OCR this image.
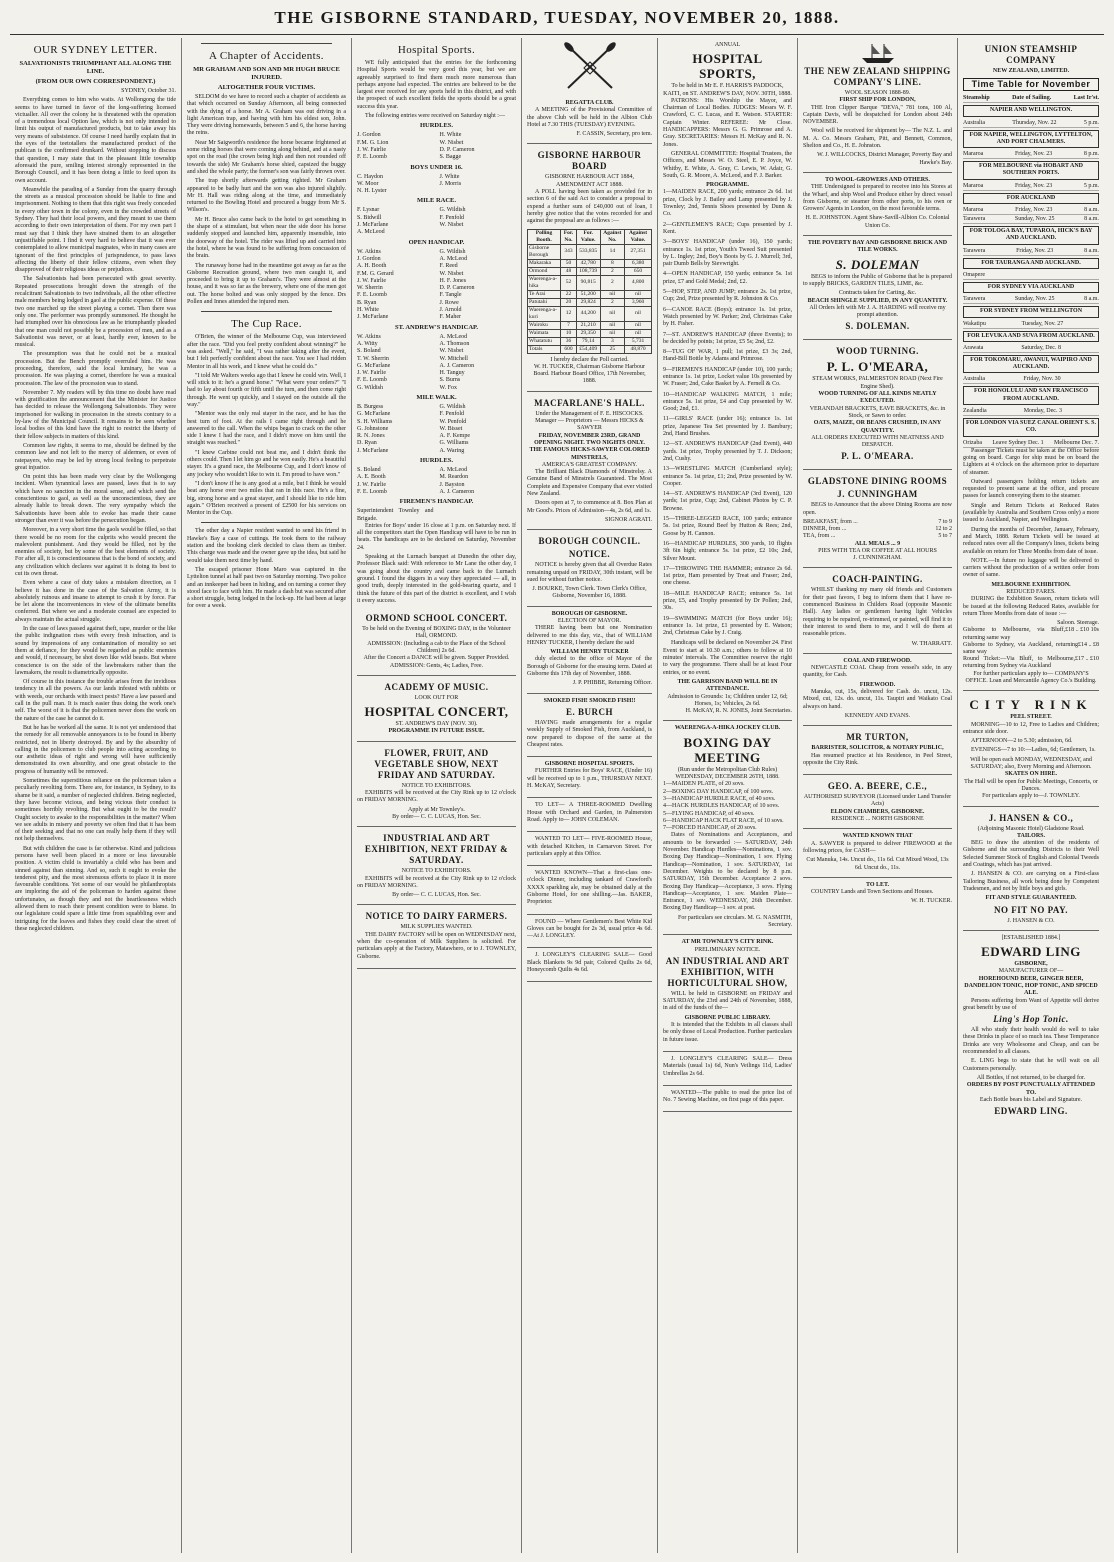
THE GISBORNE STANDARD, TUESDAY, NOVEMBER 20, 1888.
OUR SYDNEY LETTER.
SALVATIONISTS TRIUMPHANT ALL ALONG THE LINE.
(FROM OUR OWN CORRESPONDENT.)
SYDNEY, October 31.
Everything comes to him who waits. At Wollongong the tide seems to have turned in favor of the long-suffering licensed victualler. All over the colony he is threatened with the operation of a tremendous local Option law, which is not only intended to limit his output of manufactured products, but to take away his very means of subsistence. Of course I need hardly explain that in the eyes of the teetotallers the manufactured product of the publican is the confirmed drunkard. Without stopping to discuss that question, I may state that in the pleasant little township aforesaid the pure, smiling interest strongly represented in the Borough Council, and it has been doing a little to feed upon its own account.
Meanwhile the parading of a Sunday from the quarry through the streets as a musical procession should be liable to fine and imprisonment. Nothing to them that this right was freely conceded in every other town in the colony, even in the crowded streets of Sydney. They had their local powers, and they meant to use them according to their own interpretation of them. For my own part I must say that I think they have strained them to an altogether unjustifiable point. I find it very hard to believe that it was ever contemplated to allow municipal magnates, who in many cases are ignorant of the first principles of jurisprudence, to pass laws affecting the liberty of their fellow citizens, even when they disapproved of their religious ideas or prejudices.
The Salvationists had been persecuted with great severity. Repeated prosecutions brought down the strength of the recalcitrant Salvationists to two individuals, all the other effective male members being lodged in gaol at the public expense. Of these two one marched up the street playing a cornet. Then there was only one. The performer was promptly summoned. He thought he had triumphed over his obnoxious law as he triumphantly pleaded that one man could not possibly be a procession of men, and as a Salvationist was never, or at least, hardly ever, known to be musical.
The presumption was that he could not be a musical procession. But the Bench promptly overruled him. He was proceeding, therefore, said the local luminary, he was a procession. He was playing a cornet, therefore he was a musical procession. The law of the procession was to stand.
November 7. My readers will by this time no doubt have read with gratification the announcement that the Minister for Justice has decided to release the Wollongong Salvationists. They were imprisoned for walking in procession in the streets contrary to a by-law of the Municipal Council. It remains to be seen whether local bodies of this kind have the right to restrict the liberty of their fellow subjects in matters of this kind.
Common law rights, it seems to me, should be defined by the common law and not left to the mercy of aldermen, or even of ratepayers, who may be led by strong local feeling to perpetrate great injustice.
On point this has been made very clear by the Wollongong incident. When tyrannical laws are passed, laws that is to say which have no sanction in the moral sense, and which send the conscientious to gaol, as well as the unconscientious, they are already liable to break down. The very sympathy which the Salvationists have been able to evoke has made their cause stronger than ever it was before the persecution began.
Moreover, in a very short time the gaols would be filled, so that there would be no room for the culprits who would precent the malevolent punishment. And they would be filled, not by the enemies of society, but by some of the best elements of society. For after all, it is conscientiousness that is the bond of society, and any civilization which declares war against it is doing its best to cut its own throat.
Even where a case of duty takes a mistaken direction, as I believe it has done in the case of the Salvation Army, it is absolutely ruinous and insane to attempt to crush it by force. Far be let alone the inconveniences in view of the ultimate benefits conferred. But where we and a moderate counsel are expected to always maintain the actual struggle.
In the case of laws passed against theft, rape, murder or the like the public indignation rises with every fresh infraction, and is sound by impressions of any contamination of morality so set them at defiance, for they would be regarded as public enemies and would, if necessary, be shot down like wild beasts. But where conscience is on the side of the lawbreakers rather than the lawmakers, the result is diametrically opposite.
Of course in this instance the trouble arises from the invidious tendency in all the powers. As our lands infested with rabbits or with weeds, our orchards with insect pests? Have a law passed and call in the pull man. It is much easier thus doing the work one's self. The worst of it is that the policemen never does the work on the nature of the case he cannot do it.
But he has be worked all the same. It is not yet understood that the remedy for all removable annoyances is to be found in liberty restricted, not in liberty destroyed. By and by the absurdity of calling in the policemen to club people into acting according to our æsthetic ideas of right and wrong will have sufficiently demonstrated its own absurdity, and one great obstacle to the progress of humanity will be removed.
Sometimes the superstitious reliance on the policeman takes a peculiarly revolting form. There are, for instance, in Sydney, to its shame be it said, a number of neglected children. Being neglected, they have become vicious, and being vicious their conduct is sometimes horribly revolting. But what ought to be the result? Ought society to awake to the responsibilities in the matter? When we see adults in misery and poverty we often find that it has been of their seeking and that no one can really help them if they will not help themselves.
But with children the case is far otherwise. Kind and judicious persons have well been placed in a more or less favourable position. A victim child is invariably a child who has been and sinned against than sinning. And so, such it ought to evoke the tenderest pity, and the most strenuous efforts to place it in more favourable conditions. Yet some of our would be philanthropists are imploring the aid of the policeman to harden against these unfortunates, as though they and not the heartlessness which allowed them to reach their present condition were to blame. In our legislature could spare a little time from squabbling over and intriguing for the loaves and fishes they could clear the street of these neglected children.
A Chapter of Accidents.
MR GRAHAM AND SON AND MR HUGH BRUCE INJURED.
ALTOGETHER FOUR VICTIMS.
SELDOM do we have to record such a chapter of accidents as that which occurred on Sunday Afternoon, all being connected with the dying of a horse. Mr A. Graham was out driving in a light American trap, and having with him his eldest son, John. They were driving homewards, between 5 and 6, the horse having the reins.
Near Mr Saigworth's residence the horse became frightened at some riding horses that were coming along behind, and at a nasty spot on the road (the crown being high and then not rounded off towards the side) Mr Graham's horse shied, capsized the buggy and shed the whole party; the former's son was fairly thrown over.
The trap shortly afterwards getting righted. Mr Graham appeared to be badly hurt and the son was also injured slightly. Mr H. Hall was riding along at the time, and immediately returned to the Bowling Hotel and procured a buggy from Mr S. Wilson's.
Mr H. Bruce also came back to the hotel to get something in the shape of a stimulant, but when near the side door his horse suddenly stopped and launched him, apparently insensible, into the doorway of the hotel. The rider was lifted up and carried into the hotel, where he was found to be suffering from concussion of the brain.
The runaway horse had in the meantime got away as far as the Gisborne Recreation ground, where two men caught it, and proceeded to bring it up to Graham's. They were almost at the house, and it was so far as the brewery, where one of the men got out. The horse bolted and was only stopped by the fence. Drs Pollen and Innes attended the injured men.
The Cup Race.
O'Brien, the winner of the Melbourne Cup, was interviewed after the race. "Did you feel pretty confident about winning?" he was asked. "Well," he said, "I was rather taking after the event, but I felt perfectly confident about the race. You see I had ridden Mentor in all his work, and I knew what he could do."
"I told Mr Walters weeks ago that I knew he could win. Well, I will stick to it: he's a grand horse." "What were your orders?" "I had to lay about fourth or fifth until the turn, and then come right through. He went up quickly, and I stayed on the outside all the way."
"Mentor was the only real stayer in the race, and he has the best turn of foot. At the rails I came right through and he answered to the call. When the whips began to crack on the other side I knew I had the race, and I didn't move on him until the straight was reached."
"I knew Carbine could not beat me, and I didn't think the others could. Then I let him go and he won easily. He's a beautiful stayer. It's a grand race, the Melbourne Cup, and I don't know of any jockey who wouldn't like to win it. I'm proud to have won."
"I don't know if he is any good at a mile, but I think he would beat any horse over two miles that ran in this race. He's a fine, big, strong horse and a great stayer, and I should like to ride him again." O'Brien received a present of £2500 for his services on Mentor in the Cup.
The other day a Napier resident wanted to send his friend in Hawke's Bay a case of cuttings. He took them to the railway station and the booking clerk decided to class them as timber. This charge was made and the owner gave up the idea, but said he would take them next time by hand.
The escaped prisoner Hone Maro was captured in the Lyttelton tunnel at half past two on Saturday morning. Two police and an innkeeper had been in hiding, and on turning a corner they stood face to face with him. He made a dash but was secured after a short struggle, being lodged in the lock-up. He had been at large for over a week.
Hospital Sports.
WE fully anticipated that the entries for the forthcoming Hospital Sports would be very good this year, but we are agreeably surprised to find them much more numerous than perhaps anyone had expected. The entries are believed to be the largest ever received for any sports held in this district, and with the prospect of such excellent fields the sports should be a great success this year.
The following entries were received on Saturday night :—
HURDLES.
J. Gordon	H. White
F.M. G. Lion	W. Nisbet
J. W. Fairlie	D. P. Cameron
F. E. Loomb	S. Bagge
BOYS UNDER 16.
C. Haydon	J. White
W. Moor	J. Morris
N. H. Lyster
MILE RACE.
F. Lysnar	G. Wildish
S. Bidwill	F. Penfold
J. McFarlane	W. Nisbet
A. McLeod
OPEN HANDICAP.
W. Atkins	G. Wildish
J. Gordon	A. McLeod
A. H. Booth	F. Reed
F.M. G. Gerard	W. Nisbet
J. W. Fairlie	H. F. Jones
W. Sherrin	D. P. Cameron
F. E. Loomb	F. Tangle
B. Ryan	J. Rowe
H. White	J. Arnold
J. McFarlane	F. Maher
ST. ANDREW'S HANDICAP.
W. Atkins	A. McLeod
A. Witty	A. Thomson
S. Boland	W. Nisbet
T. W. Sherrin	W. Mitchell
G. McFarlane	A. J. Cameron
J. W. Fairlie	H. Tanguy
F. E. Loomb	S. Burns
G. Wildish	W. Fox
MILE WALK.
B. Burgess	G. Wildish
G. McFarlane	F. Penfold
S. H. Williams	W. Penfold
G. Johnstone	W. Bisset
R. N. Jones	A. F. Kempe
D. Ryan	G. Williams
J. McFarlane	A. Waring
HURDLES.
S. Boland	A. McLeod
A. E. Booth	M. Reardon
J. W. Fairlie	J. Bayston
F. E. Loomb	A. J. Cameron
FIREMEN'S HANDICAP.
Superintendent Townley and Brigade.
Entries for Boys' under 16 close at 1 p.m. on Saturday next. If all the competitors start the Open Handicap will have to be run in heats. The handicaps are to be declared on Saturday, November 24.
Speaking at the Lurnach banquet at Dunedin the other day, Professor Black said: With reference to Mr Lane the other day, I was going about the country and came back to the Lurnach ground. I found the diggers in a way they appreciated — all, in good truth, deeply interested in the gold-bearing quartz, and I think the future of this part of the district is excellent, and I wish it every success.
ORMOND SCHOOL CONCERT.
To be held on the Evening of BOXING DAY, in the Volunteer Hall, ORMOND.
ADMISSION: (Including a cab to the Place of the School Children) 2s 6d.
After the Concert a DANCE will be given. Supper Provided.
ADMISSION: Gents, 4s; Ladies, Free.
ACADEMY OF MUSIC.
LOOK OUT FOR
HOSPITAL CONCERT,
ST. ANDREW'S DAY (NOV. 30).
PROGRAMME IN FUTURE ISSUE.
FLOWER, FRUIT, AND VEGETABLE SHOW, NEXT FRIDAY AND SATURDAY.
NOTICE TO EXHIBITORS.
EXHIBITS will be received at the City Rink up to 12 o'clock on FRIDAY MORNING.
Apply at Mr Townley's.
By order— C. C. LUCAS, Hon. Sec.
INDUSTRIAL AND ART EXHIBITION, NEXT FRIDAY & SATURDAY.
NOTICE TO EXHIBITORS.
EXHIBITS will be received at the City Rink up to 12 o'clock on FRIDAY MORNING.
By order— C. C. LUCAS, Hon. Sec.
NOTICE TO DAIRY FARMERS.
MILK SUPPLIES WANTED.
THE DAIRY FACTORY will be open on WEDNESDAY next, when the co-operation of Milk Suppliers is solicited. For particulars apply at the Factory, Matawhero, or to J. TOWNLEY, Gisborne.
REGATTA CLUB.
A MEETING of the Provisional Committee of the above Club will be held in the Albion Club Hotel at 7.30 THIS (TUESDAY) EVENING.
F. CASSIN, Secretary, pro tem.
GISBORNE HARBOUR BOARD
GISBORNE HARBOUR ACT 1884, AMENDMENT ACT 1888.
A POLL having been taken as provided for in section 6 of the said Act to consider a proposal to expend a further sum of £40,000 out of loan, I hereby give notice that the votes recorded for and against the proposal are as follows :—
Polling Booth.	For. No.	For. Value.	Against No.	Against Value.
Gisborne Borough	343	533,835	14	27,351
Makaraka	50	42,780	8	6,380
Ormond	48	108,739	2	650
Waerenga-a-hika	52	90,815	2	4,800
Te Arai	22	51,200	nil	nil
Patutahi	20	29,824	2	3,960
Waerenga-a-kuri	12	44,200	nil	nil
Wairoku	7	21,210	nil	nil
Waimata	10	29,350	nil	nil
Whatatutu	36	79,14	3	5,731
Totals	600	£54,409	25	48,870
I hereby declare the Poll carried.
W. H. TUCKER, Chairman Gisborne Harbour Board. Harbour Board Office, 17th November, 1888.
MACFARLANE'S HALL.
Under the Management of F. E. HISCOCKS.
Manager — Proprietors — Messrs HICKS & SAWYER
FRIDAY, NOVEMBER 23RD, GRAND OPENING NIGHT. TWO NIGHTS ONLY.
THE FAMOUS HICKS-SAWYER COLORED MINSTRELS,
AMERICA'S GREATEST COMPANY.
The Brilliant Black Diamonds of Minstrelsy. A Genuine Band of Minstrels Guaranteed. The Most Complete and Expensive Company that ever visited New Zealand.
Doors open at 7, to commence at 8. Box Plan at Mr Good's. Prices of Admission—4s, 2s 6d, and 1s.
SIGNOR AGRATI.
BOROUGH COUNCIL.
NOTICE.
NOTICE is hereby given that all Overdue Rates remaining unpaid on FRIDAY, 30th instant, will be sued for without further notice.
J. BOURKE, Town Clerk. Town Clerk's Office, Gisborne, November 16, 1888.
BOROUGH OF GISBORNE.
ELECTION OF MAYOR.
THERE having been but one Nomination delivered to me this day, viz., that of WILLIAM HENRY TUCKER, I hereby declare the said
WILLIAM HENRY TUCKER
duly elected to the office of Mayor of the Borough of Gisborne for the ensuing term. Dated at Gisborne this 17th day of November, 1888.
J. P. PHIBBE, Returning Officer.
SMOKED FISH! SMOKED FISH!!
E. BURCH
HAVING made arrangements for a regular weekly Supply of Smoked Fish, from Auckland, is now prepared to dispose of the same at the Cheapest rates.
GISBORNE HOSPITAL SPORTS.
FURTHER Entries for Boys' RACE, (Under 16) will be received up to 1 p.m., THURSDAY NEXT. H. McKAY, Secretary.
TO LET— A THREE-ROOMED Dwelling House with Orchard and Garden, in Palmerston Road. Apply to— JOHN COLEMAN.
WANTED TO LET— FIVE-ROOMED House, with detached Kitchen, in Carnarvon Street. For particulars apply at this Office.
WANTED KNOWN—That a first-class one-o'clock Dinner, including tankard of Crawford's XXXX sparkling ale, may be obtained daily at the Gisborne Hotel, for one shilling.—Jas. BAKER, Proprietor.
FOUND — Where Gentlemen's Best White Kid Gloves can be bought for 2s 3d, usual price 4s 6d.—At J. LONGLEY.
J. LONGLEY'S CLEARING SALE— Good Black Blankets 9s 9d pair, Colored Quilts 2s 6d, Honeycomb Quilts 4s 6d.
ANNUAL
HOSPITAL SPORTS,
To be held in Mr E. F. HARRIS'S PADDOCK, KAITI, on ST. ANDREW'S DAY, NOV. 30TH, 1888.
PATRONS: His Worship the Mayor, and Chairman of Local Bodies. JUDGES: Messrs W. F. Crawford, C. C. Lucas, and E. Watson. STARTER: Captain Winter. REFEREE: Mr Close. HANDICAPPERS: Messrs G. G. Primrose and A. Gray. SECRETARIES: Messrs H. McKay and R. N. Jones.
GENERAL COMMITTEE: Hospital Trustees, the Officers, and Messrs W. O. Steel, E. P. Joyce, W. Whitby, E. White, A. Gray, C. Lewis, W. Adair, G. South, G. R. Moore, A. McLeod, and F. J. Barker.
PROGRAMME.
1—MAIDEN RACE, 200 yards; entrance 2s 6d. 1st prize, Clock by J. Bailey and Lamp presented by J. Townley; 2nd, Tennis Shoes presented by Dunn & Co.
2—GENTLEMEN'S RACE; Cups presented by J. Kent.
3—BOYS' HANDICAP (under 16), 150 yards; entrance 1s. 1st prize, Youth's Tweed Suit presented by L. Ingley; 2nd, Boy's Boots by G. J. Murrell; 3rd, pair Dumb Bells by Sievwright.
4—OPEN HANDICAP, 150 yards; entrance 5s. 1st prize, £7 and Gold Medal; 2nd, £2.
5—HOP, STEP, AND JUMP; entrance 2s. 1st prize, Cup; 2nd, Prize presented by R. Johnston & Co.
6—CANOE RACE (Boys); entrance 1s. 1st prize, Watch presented by W. Parker; 2nd, Christmas Cake by H. Fisher.
7—ST. ANDREW'S HANDICAP (three Events); to be decided by points; 1st prize, £5 5s; 2nd, £2.
8—TUG OF WAR, 1 pull; 1st prize, £3 3s; 2nd, Hand-Bill Bottle by Adams and Primrose.
9—FIREMEN'S HANDICAP (under 10), 100 yards; entrance 1s. 1st prize, Locket value 10s presented by W. Fraser; 2nd, Cake Basket by A. Fernell & Co.
10—HANDICAP WALKING MATCH, 1 mile; entrance 5s. 1st prize, £4 and Cup presented by W. Good; 2nd, £1.
11—GIRLS' RACE (under 16); entrance 1s. 1st prize, Japanese Tea Set presented by J. Bambury; 2nd, Hand Brushes.
12—ST. ANDREW'S HANDICAP (2nd Event), 440 yards. 1st prize, Trophy presented by T. J. Dickson; 2nd, Cushy.
13—WRESTLING MATCH (Cumberland style); entrance 5s. 1st prize, £1; 2nd, Prize presented by W. Cooper.
14—ST. ANDREW'S HANDICAP (3rd Event), 120 yards; 1st prize, Cup; 2nd, Cabinet Photos by C. P. Browne.
15—THREE-LEGGED RACE, 100 yards; entrance 5s. 1st prize, Round Beef by Hutton & Rees; 2nd, Goose by H. Cannon.
16—HANDICAP HURDLES, 300 yards, 10 flights 3ft 6in high; entrance 5s. 1st prize, £2 10s; 2nd, Silver Mount.
17—THROWING THE HAMMER; entrance 2s 6d. 1st prize, Ham presented by Treat and Fraser; 2nd, one cheese.
18—MILE HANDICAP RACE; entrance 5s. 1st prize, £5, and Trophy presented by Dr Pollen; 2nd, 30s.
19—SWIMMING MATCH (for Boys under 16); entrance 1s. 1st prize, £1 presented by E. Watson; 2nd, Christmas Cake by J. Craig.
Handicaps will be declared on November 24. First Event to start at 10.30 a.m.; others to follow at 10 minutes' intervals. The Committee reserve the right to vary the programme. There shall be at least Four entries, or no event.
THE GARRISON BAND WILL BE IN ATTENDANCE.
Admission to Grounds: 1s; Children under 12, 6d; Horses, 1s; Vehicles, 2s 6d.
H. McKAY, R. N. JONES, Joint Secretaries.
WAERENGA-A-HIKA JOCKEY CLUB.
BOXING DAY MEETING
(Run under the Metropolitan Club Rules) WEDNESDAY, DECEMBER 26TH, 1888.
1—MAIDEN PLATE, of 20 sovs.
2—BOXING DAY HANDICAP, of 100 sovs.
3—HANDICAP HURDLE RACE, of 40 sovs.
4—HACK HURDLES HANDICAP, of 10 sovs.
5—FLYING HANDICAP, of 40 sovs.
6—HANDICAP HACK FLAT RACE, of 10 sovs.
7—FORCED HANDICAP, of 20 sovs.
Dates of Nominations and Acceptances, and amounts to be forwarded :— SATURDAY, 24th November. Handicap Hurdles—Nominations, 1 sov. Boxing Day Handicap—Nomination, 1 sov. Flying Handicap—Nomination, 1 sov. SATURDAY, 1st December. Weights to be declared by 8 p.m. SATURDAY, 15th December. Acceptance 2 sovs. Boxing Day Handicap—Acceptance, 3 sovs. Flying Handicap—Acceptance, 1 sov. Maiden Plate—Entrance, 1 sov. WEDNESDAY, 26th December. Boxing Day Handicap—1 sov. at post.
For particulars see circulars. M. G. NASMITH, Secretary.
AT MR TOWNLEY'S CITY RINK.
PRELIMINARY NOTICE.
AN INDUSTRIAL AND ART EXHIBITION, WITH HORTICULTURAL SHOW,
WILL be held in GISBORNE on FRIDAY and SATURDAY, the 23rd and 24th of November, 1888, in aid of the funds of the—
GISBORNE PUBLIC LIBRARY.
It is intended that the Exhibits in all classes shall be only those of Local Production. Further particulars in future issue.
J. LONGLEY'S CLEARING SALE— Dress Materials (usual 1s) 6d, Nun's Veilings 11d, Ladies' Umbrellas 2s 6d.
WANTED—The public to read the price list of No. 7 Sewing Machine, on first page of this paper.
THE NEW ZEALAND SHIPPING COMPANY'S LINE.
WOOL SEASON 1888-89.
FIRST SHIP FOR LONDON,
THE Iron Clipper Barque "DEVA," 781 tons, 100 Al, Captain Davis, will be despatched for London about 24th NOVEMBER.
Wool will be received for shipment by— The N.Z. L. and M. A. Co. Messrs Graham, Pitt, and Bennett, Common, Shelton and Co., H. E. Johnston.
W. J. WILLCOCKS, District Manager, Poverty Bay and Hawke's Bay.
TO WOOL-GROWERS AND OTHERS.
THE Undersigned is prepared to receive into his Stores at the Wharf, and ship Wool and Produce either by direct vessel from Gisborne, or steamer from other ports, to his own or Growers' Agents in London, on the most favorable terms.
H. E. JOHNSTON. Agent Shaw-Savill-Albion Co. Colonial Union Co.
THE POVERTY BAY AND GISBORNE BRICK AND TILE WORKS.
S. DOLEMAN
BEGS to inform the Public of Gisborne that he is prepared to supply BRICKS, GARDEN TILES, LIME, &c.
Contracts taken for Carting, &c.
BEACH SHINGLE SUPPLIED, IN ANY QUANTITY.
All Orders left with Mr J. A. HARDING will receive my prompt attention.
S. DOLEMAN.
WOOD TURNING.
P. L. O'MEARA,
STEAM WORKS, PALMERSTON ROAD (Next Fire Engine Shed).
WOOD TURNING OF ALL KINDS NEATLY EXECUTED.
VERANDAH BRACKETS, EAVE BRACKETS, &c. in Stock, or Sawn to order.
OATS, MAIZE, OR BEANS CRUSHED, IN ANY QUANTITY.
ALL ORDERS EXECUTED WITH NEATNESS AND DESPATCH.
P. L. O'MEARA.
GLADSTONE DINING ROOMS
J. CUNNINGHAM
BEGS to Announce that the above Dining Rooms are now open.
BREAKFAST, from ...	7 to 9
DINNER, from ...	12 to 2
TEA, from ...	5 to 7
ALL MEALS ... 9
PIES WITH TEA OR COFFEE AT ALL HOURS
J. CUNNINGHAM.
COACH-PAINTING.
WHILST thanking my many old friends and Customers for their past favors, I beg to inform them that I have re-commenced Business in Childers Road (opposite Masonic Hall). Any ladies or gentlemen having light Vehicles requiring to be repaired, re-trimmed, or painted, will find it to their interest to send them to me, and I will do them at reasonable prices.
W. THARRATT.
COAL AND FIREWOOD.
NEWCASTLE COAL Cheap from vessel's side, in any quantity, for Cash.
FIREWOOD.
Manuka, cut, 15s, delivered for Cash. do. uncut, 12s. Mixed, cut, 12s. do. uncut, 11s. Taupiri and Waikato Coal always on hand.
KENNEDY AND EVANS.
MR TURTON,
BARRISTER, SOLICITOR, & NOTARY PUBLIC,
Has resumed practice at his Residence, in Peel Street, opposite the City Rink.
GEO. A. BEERE, C.E.,
AUTHORISED SURVEYOR (Licensed under Land Transfer Acts)
ELDON CHAMBERS, GISBORNE.
RESIDENCE ... NORTH GISBORNE
WANTED KNOWN THAT
A. SAWYER is prepared to deliver FIREWOOD at the following prices, for CASH—
Cut Manuka, 14s. Uncut do., 11s 6d. Cut Mixed Wood, 13s 6d. Uncut do., 11s.
TO LET.
COUNTRY Lands and Town Sections and Houses.
W. H. TUCKER.
UNION STEAMSHIP COMPANY
NEW ZEALAND, LIMITED.
Time Table for November
Steamship	Date of Sailing.	Last Ir'st.
NAPIER AND WELLINGTON.
Australia	Thursday, Nov. 22	5 p.m.
FOR NAPIER, WELLINGTON, LYTTELTON, AND PORT CHALMERS.
Mararoa	Friday, Nov. 23	8 p.m.
FOR MELBOURNE via HOBART AND SOUTHERN PORTS.
Mararoa	Friday, Nov. 23	5 p.m.
FOR AUCKLAND
Mararoa	Friday, Nov. 23	8 a.m.
Tarawera	Sunday, Nov. 25	8 a.m.
FOR TOLOGA BAY, TUPAROA, HICK'S BAY AND AUCKLAND.
Tarawera	Friday, Nov. 23	8 a.m.
FOR TAURANGA AND AUCKLAND.
Omapere
FOR SYDNEY VIA AUCKLAND
Tarawera	Sunday, Nov. 25	8 a.m.
FOR SYDNEY FROM WELLINGTON
Wakatipu	Tuesday, Nov. 27
FOR LEVUKA AND SUVA FROM AUCKLAND.
Arawata	Saturday, Dec. 8
FOR TOKOMARU, AWANUI, WAIPIRO AND AUCKLAND.
Australia	Friday, Nov. 30
FOR HONOLULU AND SAN FRANCISCO FROM AUCKLAND.
Zealandia	Monday, Dec. 3
FOR LONDON VIA SUEZ CANAL ORIENT S. S. CO.
Orizaba Leave Sydney Dec. 1 Melbourne Dec. 7.
Passenger Tickets must be taken at the Office before going on board. Cargo for ship must be on board the Lighters at 4 o'clock on the afternoon prior to departure of steamer.
Outward passengers holding return tickets are requested to present same at the office, and procure passes for launch conveying them to the steamer.
Single and Return Tickets at Reduced Rates (available by Australia and Southern Cross only) a more issued to Auckland, Napier, and Wellington.
During the months of December, January, February, and March, 1888. Return Tickets will be issued at reduced rates over all the Company's lines, tickets being available on return for Three Months from date of issue.
NOTE.—In future no luggage will be delivered to carriers without the production of a written order from owner of same.
MELBOURNE EXHIBITION.
REDUCED FARES.
DURING the Exhibition Season, return tickets will be issued at the following Reduced Rates, available for return Three Months from date of issue :—
Saloon. Steerage.
Gisborne to Melbourne, via Bluff, returning same way
£18 .. £10 10s
Gisborne to Sydney, via Auckland, returning same way
£14 .. £8
Round Ticket:—Via Bluff, to Melbourne, returning from Sydney via Auckland
£17 .. £10
For further particulars apply to— COMPANY'S OFFICE. Loan and Mercantile Agency Co.'s Building.
CITY RINK
PEEL STREET.
MORNING—10 to 12, Free to Ladies and Children; entrance side door.
AFTERNOON—2 to 5.30; admission, 6d.
EVENINGS—7 to 10:—Ladies, 6d; Gentlemen, 1s.
Will be open each MONDAY, WEDNESDAY, and SATURDAY; also, Every Morning and Afternoon.
SKATES ON HIRE.
The Hall will be open for Public Meetings, Concerts, or Dances.
For particulars apply to—J. TOWNLEY.
J. HANSEN & CO.,
(Adjoining Masonic Hotel) Gladstone Road.
TAILORS.
BEG to draw the attention of the residents of Gisborne and the surrounding Districts to their Well Selected Summer Stock of English and Colonial Tweeds and Coatings, which has just arrived.
J. HANSEN & CO. are carrying on a First-class Tailoring Business, all work being done by Competent Tradesmen, and not by little boys and girls.
FIT AND STYLE GUARANTEED.
NO FIT NO PAY.
J. HANSEN & CO.
[ESTABLISHED 1884.]
EDWARD LING
GISBORNE,
MANUFACTURER OF—
HOREHOUND BEER, GINGER BEER, DANDELION TONIC, HOP TONIC, AND SPICED ALE.
Persons suffering from Want of Appetite will derive great benefit by use of
Ling's Hop Tonic.
All who study their health would do well to take these Drinks in place of so much tea. These Temperance Drinks are very Wholesome and Cheap, and can be recommended to all classes.
E. LING begs to state that he will wait on all Customers personally.
All Bottles, if not returned, to be charged for.
ORDERS BY POST PUNCTUALLY ATTENDED TO.
Each Bottle bears his Label and Signature.
EDWARD LING.
